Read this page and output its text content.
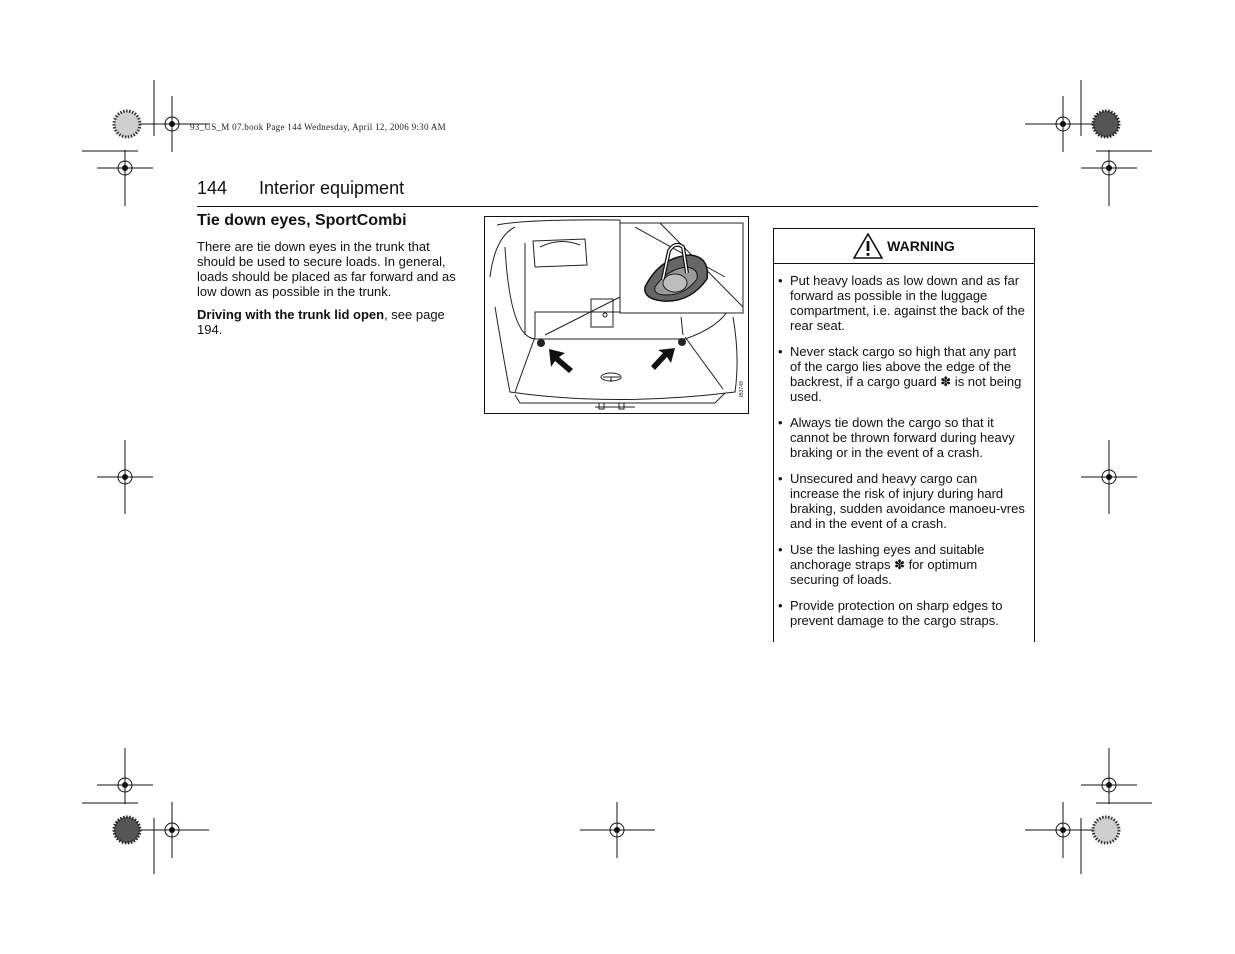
93_US_M 07.book Page 144 Wednesday, April 12, 2006 9:30 AM
144 Interior equipment
Tie down eyes, SportCombi

There are tie down eyes in the trunk that should be used to secure loads. In general, loads should be placed as far forward and as low down as possible in the trunk.

Driving with the trunk lid open, see page 194.

IB3749
WARNING
• Put heavy loads as low down and as far forward as possible in the luggage compartment, i.e. against the back of the rear seat.
• Never stack cargo so high that any part of the cargo lies above the edge of the backrest, if a cargo guard ✽ is not being used.
• Always tie down the cargo so that it cannot be thrown forward during heavy braking or in the event of a crash.
• Unsecured and heavy cargo can increase the risk of injury during hard braking, sudden avoidance manoeu-vres and in the event of a crash.
• Use the lashing eyes and suitable anchorage straps ✽ for optimum securing of loads.
• Provide protection on sharp edges to prevent damage to the cargo straps.
